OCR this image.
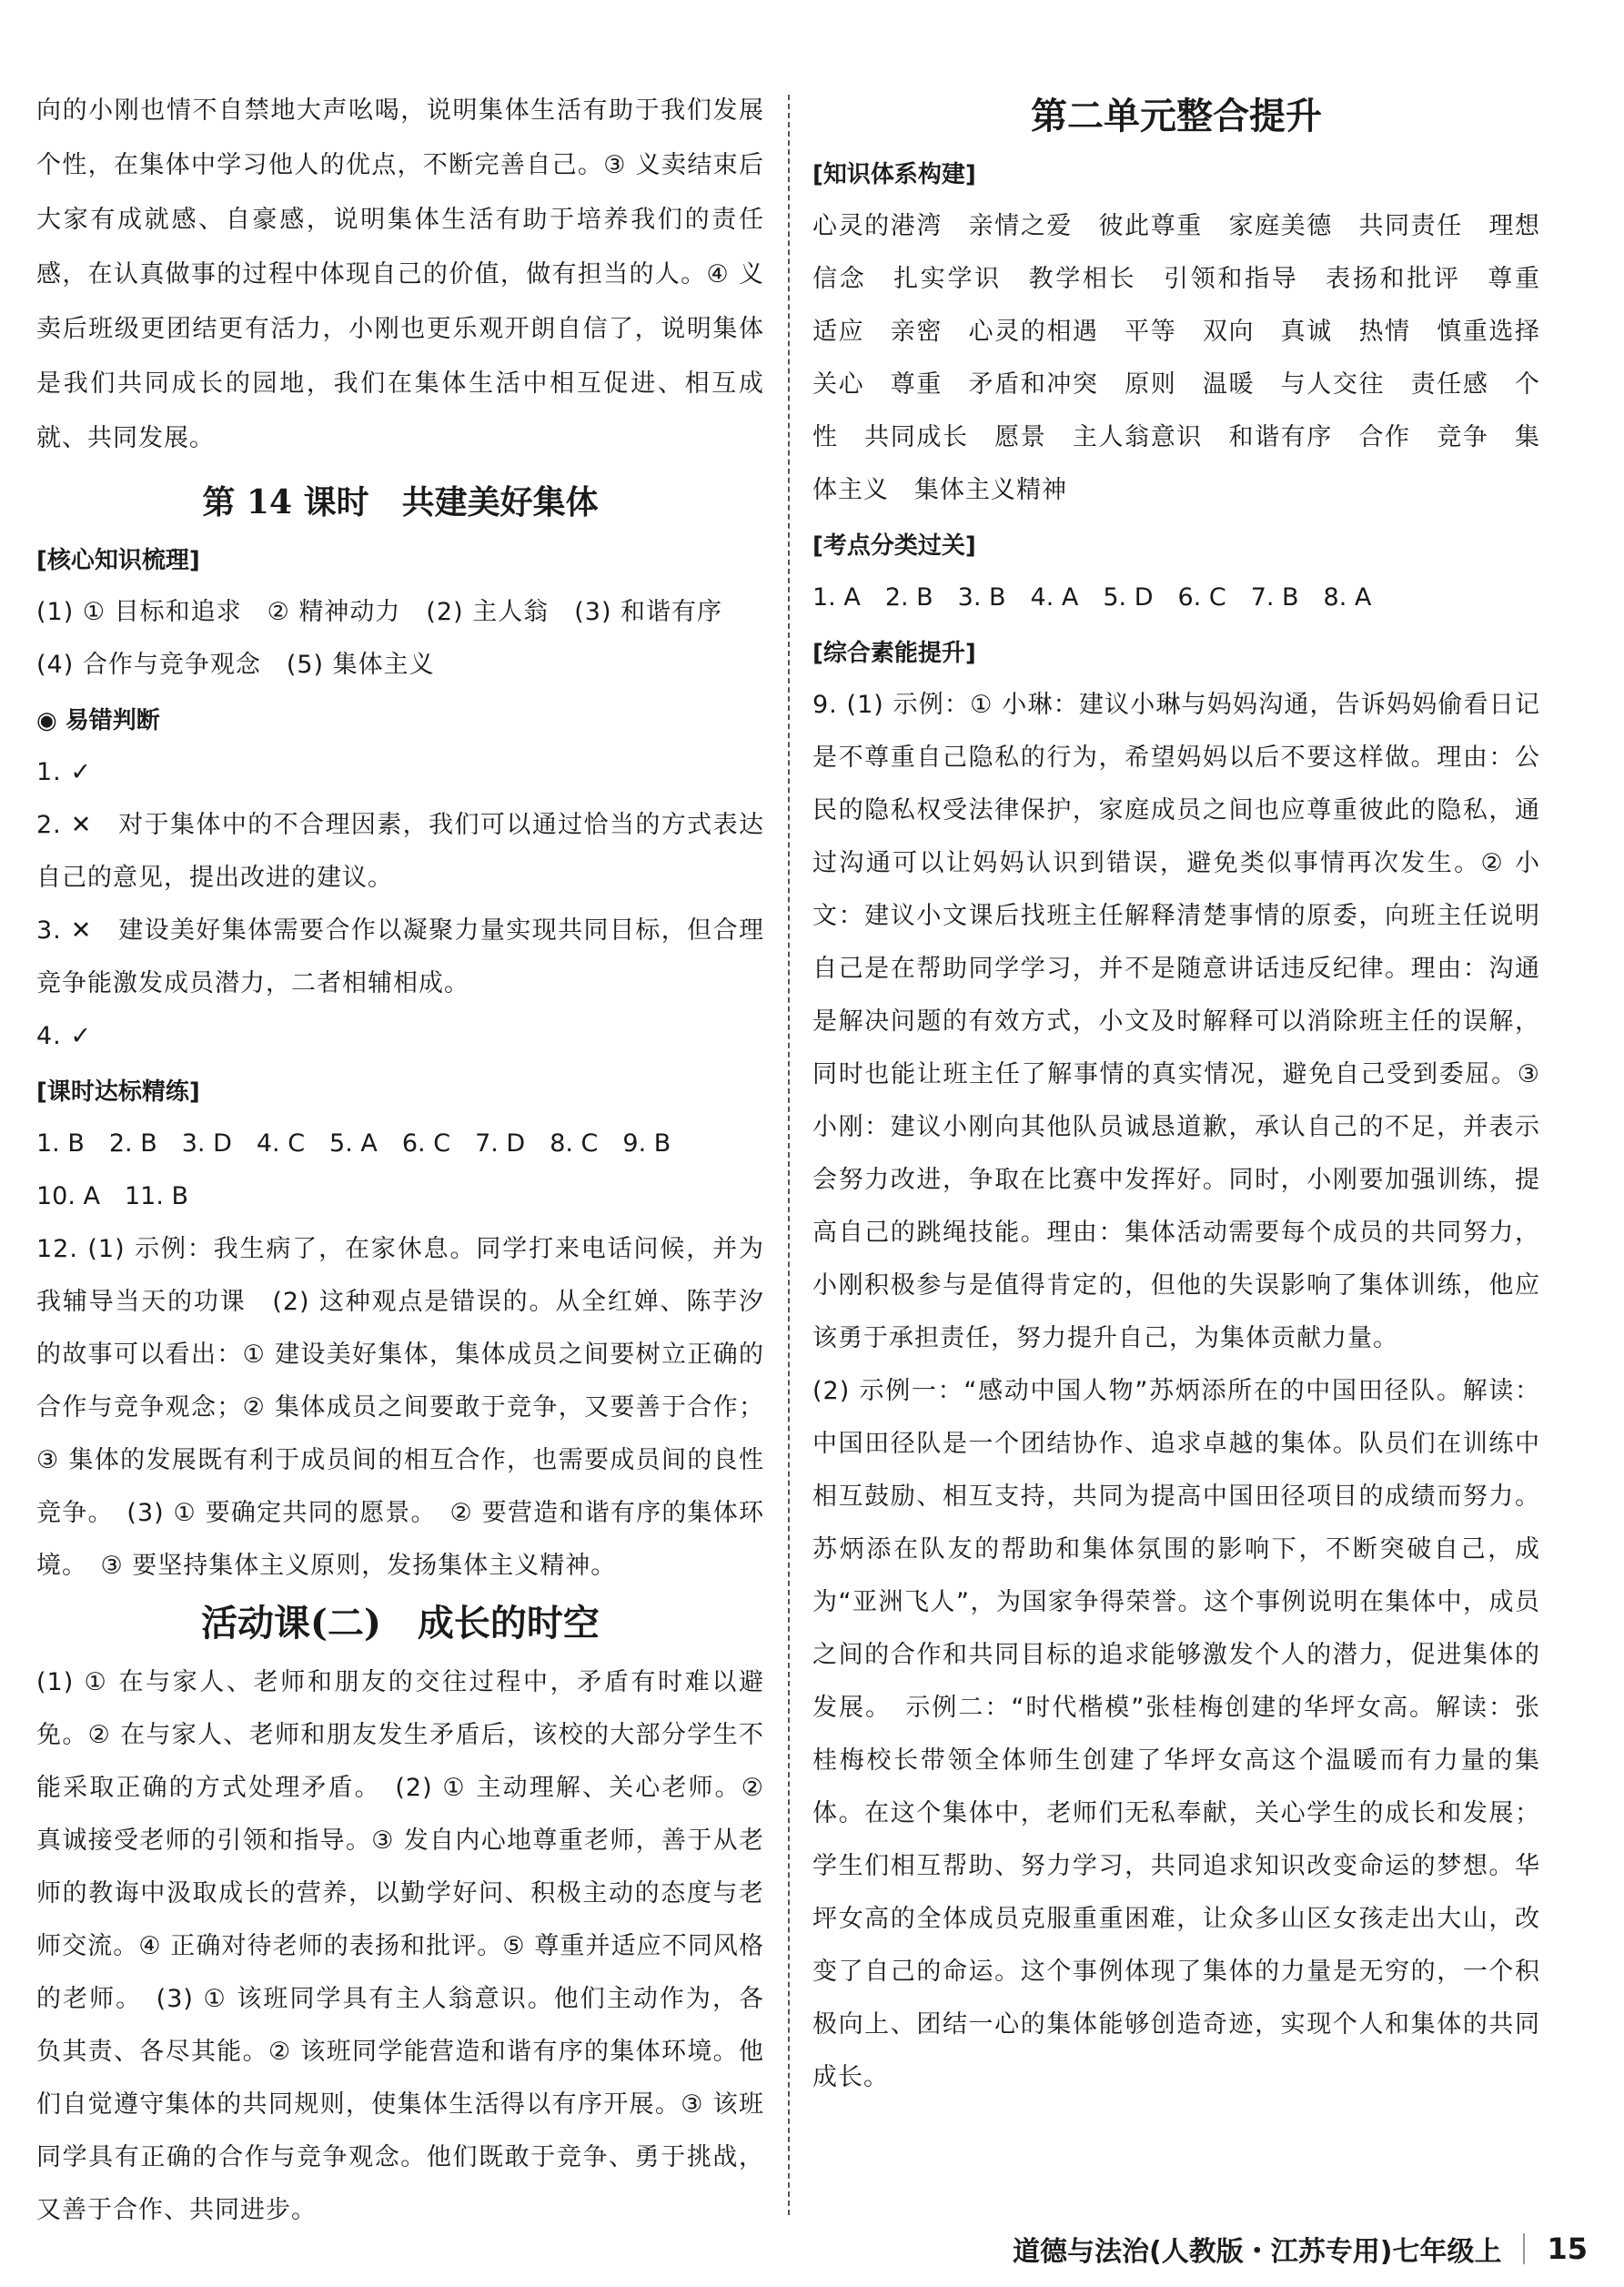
向的小刚也情不自禁地大声吆喝，说明集体生活有助于我们发展个性，在集体中学习他人的优点，不断完善自己。③ 义卖结束后大家有成就感、自豪感，说明集体生活有助于培养我们的责任感，在认真做事的过程中体现自己的价值，做有担当的人。④ 义卖后班级更团结更有活力，小刚也更乐观开朗自信了，说明集体是我们共同成长的园地，我们在集体生活中相互促进、相互成就、共同发展。

第 14 课时　共建美好集体
[核心知识梳理]

(1) ① 目标和追求　② 精神动力　(2) 主人翁　(3) 和谐有序

(4) 合作与竞争观念　(5) 集体主义

◉ 易错判断

1. ✓

2. ✕　对于集体中的不合理因素，我们可以通过恰当的方式表达自己的意见，提出改进的建议。

3. ✕　建设美好集体需要合作以凝聚力量实现共同目标，但合理竞争能激发成员潜力，二者相辅相成。

4. ✓

[课时达标精练]

1. B　2. B　3. D　4. C　5. A　6. C　7. D　8. C　9. B

10. A　11. B

12. (1) 示例：我生病了，在家休息。同学打来电话问候，并为我辅导当天的功课　(2) 这种观点是错误的。从全红婵、陈芋汐的故事可以看出：① 建设美好集体，集体成员之间要树立正确的合作与竞争观念；② 集体成员之间要敢于竞争，又要善于合作；③ 集体的发展既有利于成员间的相互合作，也需要成员间的良性竞争。　(3) ① 要确定共同的愿景。　② 要营造和谐有序的集体环境。　③ 要坚持集体主义原则，发扬集体主义精神。

活动课(二)　成长的时空

(1) ① 在与家人、老师和朋友的交往过程中，矛盾有时难以避免。② 在与家人、老师和朋友发生矛盾后，该校的大部分学生不能采取正确的方式处理矛盾。　(2) ① 主动理解、关心老师。② 真诚接受老师的引领和指导。③ 发自内心地尊重老师，善于从老师的教诲中汲取成长的营养，以勤学好问、积极主动的态度与老师交流。④ 正确对待老师的表扬和批评。⑤ 尊重并适应不同风格的老师。　(3) ① 该班同学具有主人翁意识。他们主动作为，各负其责、各尽其能。② 该班同学能营造和谐有序的集体环境。他们自觉遵守集体的共同规则，使集体生活得以有序开展。③ 该班同学具有正确的合作与竞争观念。他们既敢于竞争、勇于挑战，又善于合作、共同进步。

第二单元整合提升
[知识体系构建]

心灵的港湾　亲情之爱　彼此尊重　家庭美德　共同责任　理想信念　扎实学识　教学相长　引领和指导　表扬和批评　尊重　适应　亲密　心灵的相遇　平等　双向　真诚　热情　慎重选择　关心　尊重　矛盾和冲突　原则　温暖　与人交往　责任感　个性　共同成长　愿景　主人翁意识　和谐有序　合作　竞争　集体主义　集体主义精神

[考点分类过关]

1. A　2. B　3. B　4. A　5. D　6. C　7. B　8. A

[综合素能提升]

9. (1) 示例：① 小琳：建议小琳与妈妈沟通，告诉妈妈偷看日记是不尊重自己隐私的行为，希望妈妈以后不要这样做。理由：公民的隐私权受法律保护，家庭成员之间也应尊重彼此的隐私，通过沟通可以让妈妈认识到错误，避免类似事情再次发生。② 小文：建议小文课后找班主任解释清楚事情的原委，向班主任说明自己是在帮助同学学习，并不是随意讲话违反纪律。理由：沟通是解决问题的有效方式，小文及时解释可以消除班主任的误解，同时也能让班主任了解事情的真实情况，避免自己受到委屈。③ 小刚：建议小刚向其他队员诚恳道歉，承认自己的不足，并表示会努力改进，争取在比赛中发挥好。同时，小刚要加强训练，提高自己的跳绳技能。理由：集体活动需要每个成员的共同努力，小刚积极参与是值得肯定的，但他的失误影响了集体训练，他应该勇于承担责任，努力提升自己，为集体贡献力量。

(2) 示例一：“感动中国人物”苏炳添所在的中国田径队。解读：中国田径队是一个团结协作、追求卓越的集体。队员们在训练中相互鼓励、相互支持，共同为提高中国田径项目的成绩而努力。苏炳添在队友的帮助和集体氛围的影响下，不断突破自己，成为“亚洲飞人”，为国家争得荣誉。这个事例说明在集体中，成员之间的合作和共同目标的追求能够激发个人的潜力，促进集体的发展。　示例二：“时代楷模”张桂梅创建的华坪女高。解读：张桂梅校长带领全体师生创建了华坪女高这个温暖而有力量的集体。在这个集体中，老师们无私奉献，关心学生的成长和发展；学生们相互帮助、努力学习，共同追求知识改变命运的梦想。华坪女高的全体成员克服重重困难，让众多山区女孩走出大山，改变了自己的命运。这个事例体现了集体的力量是无穷的，一个积极向上、团结一心的集体能够创造奇迹，实现个人和集体的共同成长。

道德与法治(人教版・江苏专用)七年级上 15
